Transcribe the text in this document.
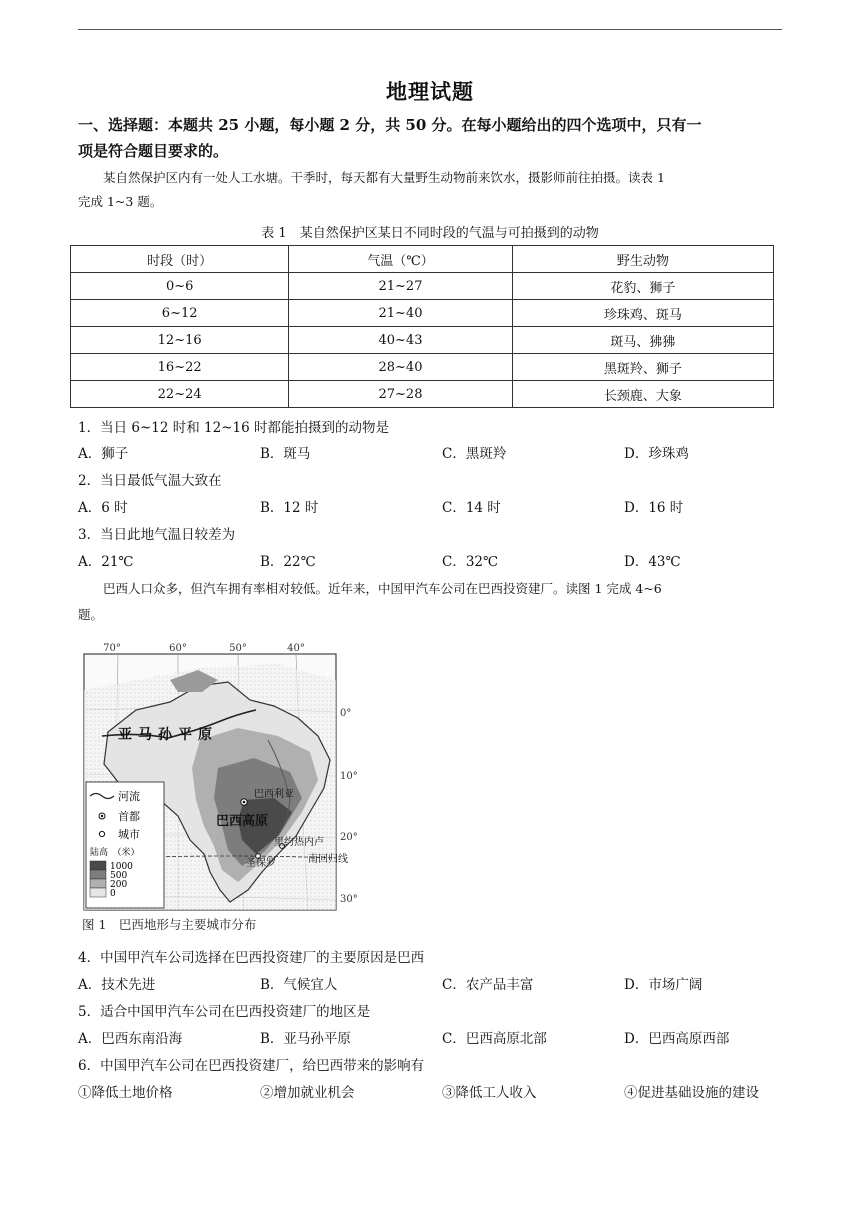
地理试题
一、选择题：本题共 25 小题，每小题 2 分，共 50 分。在每小题给出的四个选项中，只有一
项是符合题目要求的。
某自然保护区内有一处人工水塘。干季时，每天都有大量野生动物前来饮水，摄影师前往拍摄。读表 1
完成 1~3 题。
表 1　某自然保护区某日不同时段的气温与可拍摄到的动物
时段（时）	气温（℃）	野生动物
0~6	21~27	花豹、狮子
6~12	21~40	珍珠鸡、斑马
12~16	40~43	斑马、狒狒
16~22	28~40	黑斑羚、狮子
22~24	27~28	长颈鹿、大象
1．当日 6~12 时和 12~16 时都能拍摄到的动物是
A．狮子	B．斑马	C．黑斑羚	D．珍珠鸡
2．当日最低气温大致在
A．6 时	B．12 时	C．14 时	D．16 时
3．当日此地气温日较差为
A．21℃	B．22℃	C．32℃	D．43℃
巴西人口众多，但汽车拥有率相对较低。近年来，中国甲汽车公司在巴西投资建厂。读图 1 完成 4~6
题。
70°	60°	50°	40°
0°
10°
20°
30°
亚马孙平原
巴西高原
巴西利亚
里约热内卢
圣保罗	南回归线
河流
首都
城市
陆高　（米）
1000
500
200
0
图 1　巴西地形与主要城市分布
4．中国甲汽车公司选择在巴西投资建厂的主要原因是巴西
A．技术先进	B．气候宜人	C．农产品丰富	D．市场广阔
5．适合中国甲汽车公司在巴西投资建厂的地区是
A．巴西东南沿海	B．亚马孙平原	C．巴西高原北部	D．巴西高原西部
6．中国甲汽车公司在巴西投资建厂，给巴西带来的影响有
①降低土地价格	②增加就业机会	③降低工人收入	④促进基础设施的建设
